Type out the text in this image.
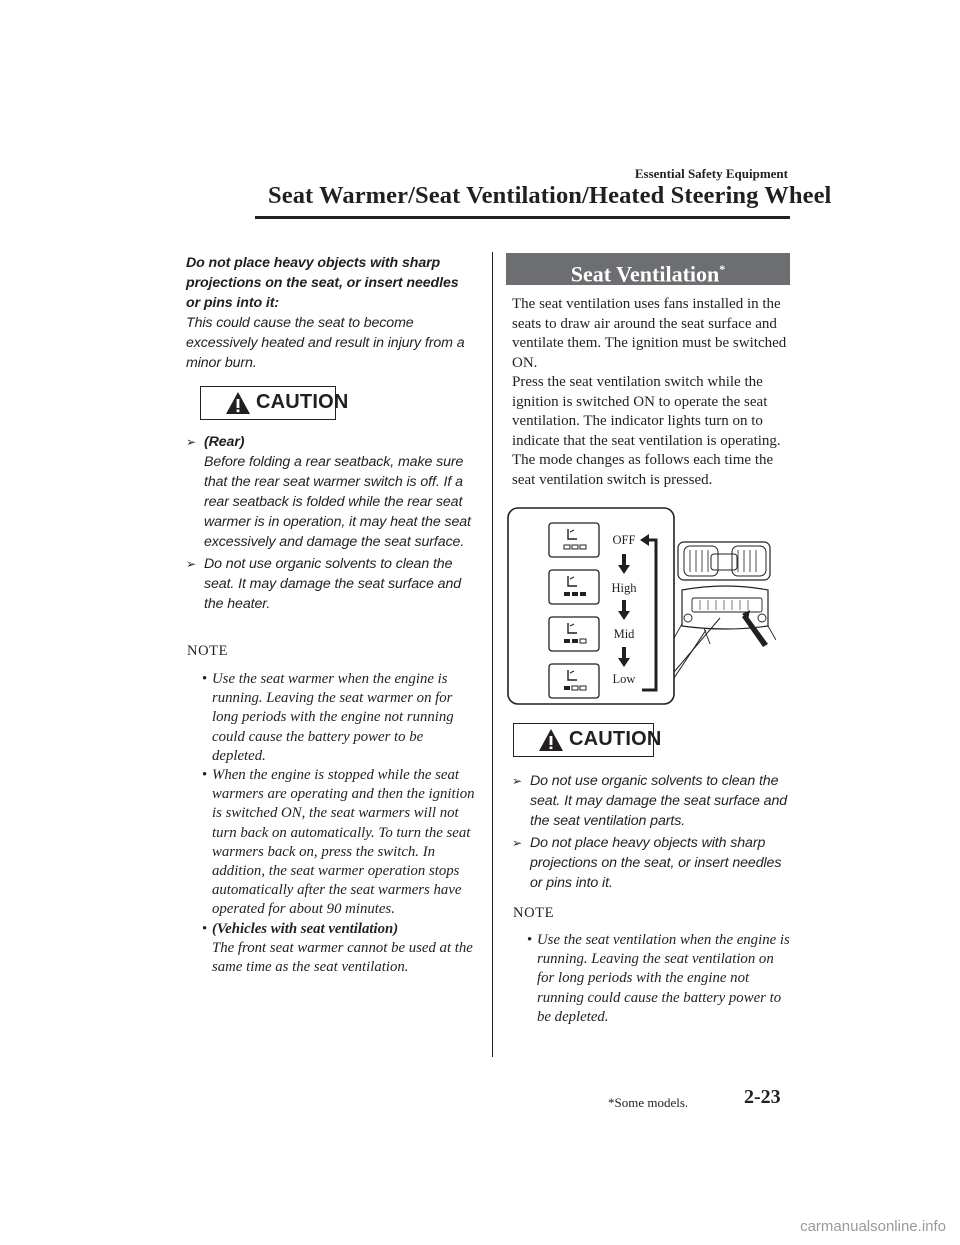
Essential Safety Equipment
Seat Warmer/Seat Ventilation/Heated Steering Wheel
Do not place heavy objects with sharp projections on the seat, or insert needles or pins into it:
This could cause the seat to become excessively heated and result in injury from a minor burn.
CAUTION
➢ (Rear)
Before folding a rear seatback, make sure that the rear seat warmer switch is off. If a rear seatback is folded while the rear seat warmer is in operation, it may heat the seat excessively and damage the seat surface.
➢ Do not use organic solvents to clean the seat. It may damage the seat surface and the heater.
NOTE
• Use the seat warmer when the engine is running. Leaving the seat warmer on for long periods with the engine not running could cause the battery power to be depleted.
• When the engine is stopped while the seat warmers are operating and then the ignition is switched ON, the seat warmers will not turn back on automatically. To turn the seat warmers back on, press the switch. In addition, the seat warmer operation stops automatically after the seat warmers have operated for about 90 minutes.
• (Vehicles with seat ventilation)
The front seat warmer cannot be used at the same time as the seat ventilation.
Seat Ventilation*
The seat ventilation uses fans installed in the seats to draw air around the seat surface and ventilate them. The ignition must be switched ON.
Press the seat ventilation switch while the ignition is switched ON to operate the seat ventilation. The indicator lights turn on to indicate that the seat ventilation is operating. The mode changes as follows each time the seat ventilation switch is pressed.
OFF
High
Mid
Low
CAUTION
➢ Do not use organic solvents to clean the seat. It may damage the seat surface and the seat ventilation parts.
➢ Do not place heavy objects with sharp projections on the seat, or insert needles or pins into it.
NOTE
• Use the seat ventilation when the engine is running. Leaving the seat ventilation on for long periods with the engine not running could cause the battery power to be depleted.
*Some models.	2-23
carmanualsonline.info
